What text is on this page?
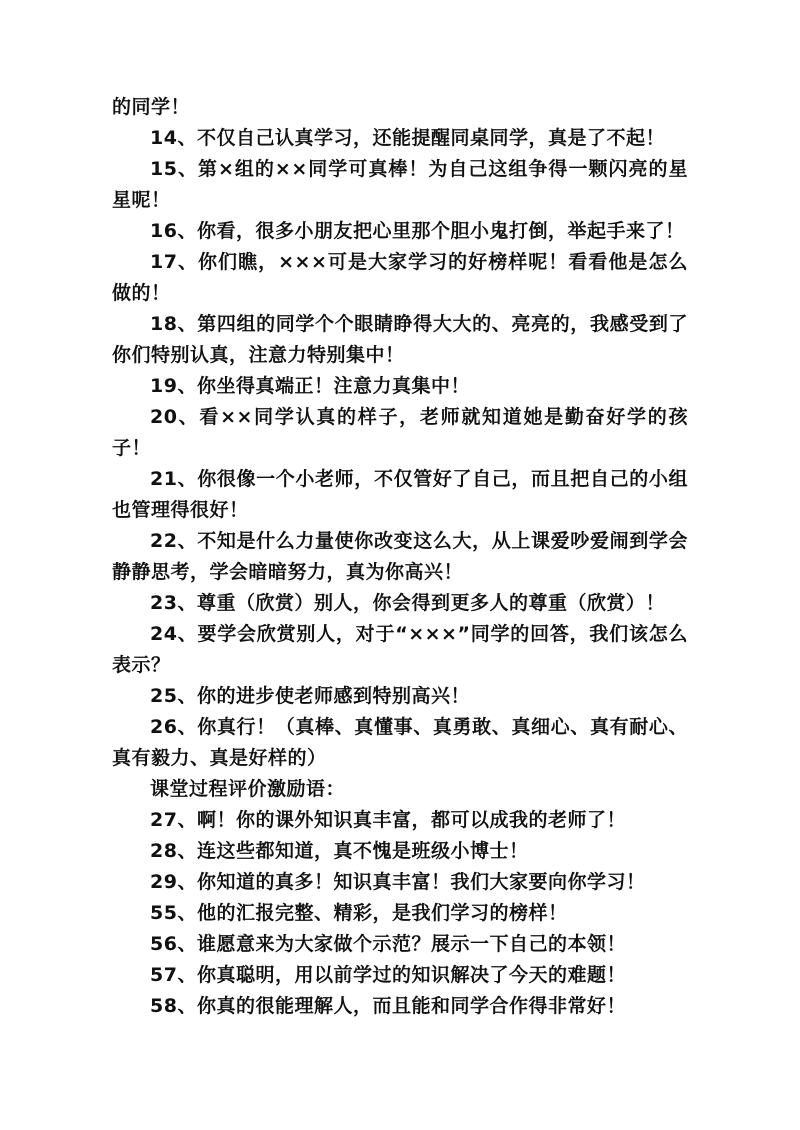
的同学！

14、不仅自己认真学习，还能提醒同桌同学，真是了不起！

15、第×组的××同学可真棒！为自己这组争得一颗闪亮的星星呢！

16、你看，很多小朋友把心里那个胆小鬼打倒，举起手来了！

17、你们瞧，×××可是大家学习的好榜样呢！看看他是怎么做的！

18、第四组的同学个个眼睛睁得大大的、亮亮的，我感受到了你们特别认真，注意力特别集中！

19、你坐得真端正！注意力真集中！

20、看××同学认真的样子，老师就知道她是勤奋好学的孩子！

21、你很像一个小老师，不仅管好了自己，而且把自己的小组也管理得很好！

22、不知是什么力量使你改变这么大，从上课爱吵爱闹到学会静静思考，学会暗暗努力，真为你高兴！

23、尊重（欣赏）别人，你会得到更多人的尊重（欣赏）！

24、要学会欣赏别人，对于“×××”同学的回答，我们该怎么表示？

25、你的进步使老师感到特别高兴！

26、你真行！（真棒、真懂事、真勇敢、真细心、真有耐心、真有毅力、真是好样的）

课堂过程评价激励语：

27、啊！你的课外知识真丰富，都可以成我的老师了！

28、连这些都知道，真不愧是班级小博士！

29、你知道的真多！知识真丰富！我们大家要向你学习！

55、他的汇报完整、精彩，是我们学习的榜样！

56、谁愿意来为大家做个示范？展示一下自己的本领！

57、你真聪明，用以前学过的知识解决了今天的难题！

58、你真的很能理解人，而且能和同学合作得非常好！
